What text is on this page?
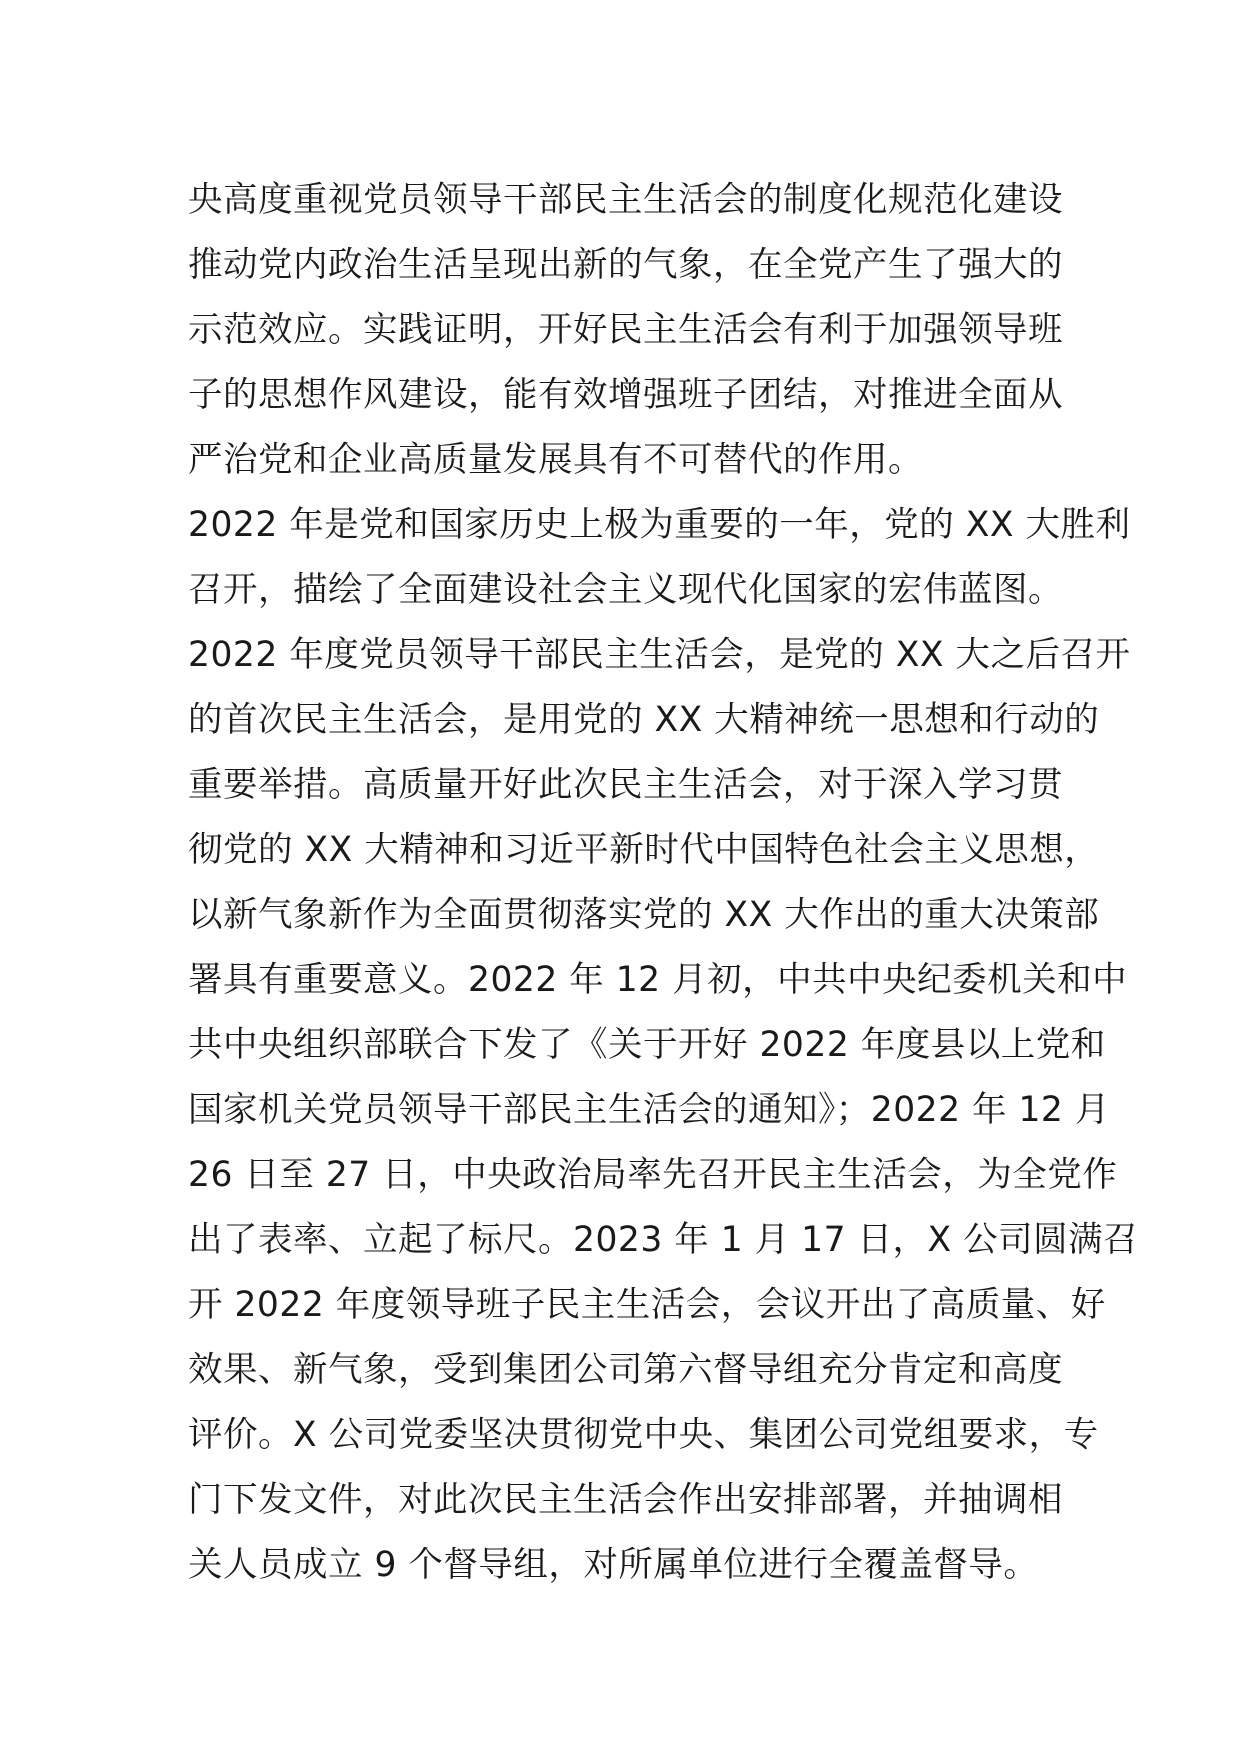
央高度重视党员领导干部民主生活会的制度化规范化建设
推动党内政治生活呈现出新的气象，在全党产生了强大的
示范效应。实践证明，开好民主生活会有利于加强领导班
子的思想作风建设，能有效增强班子团结，对推进全面从
严治党和企业高质量发展具有不可替代的作用。
2022 年是党和国家历史上极为重要的一年，党的 XX 大胜利
召开，描绘了全面建设社会主义现代化国家的宏伟蓝图。
2022 年度党员领导干部民主生活会，是党的 XX 大之后召开
的首次民主生活会，是用党的 XX 大精神统一思想和行动的
重要举措。高质量开好此次民主生活会，对于深入学习贯
彻党的 XX 大精神和习近平新时代中国特色社会主义思想，
以新气象新作为全面贯彻落实党的 XX 大作出的重大决策部
署具有重要意义。2022 年 12 月初，中共中央纪委机关和中
共中央组织部联合下发了《关于开好 2022 年度县以上党和
国家机关党员领导干部民主生活会的通知》；2022 年 12 月
26 日至 27 日，中央政治局率先召开民主生活会，为全党作
出了表率、立起了标尺。2023 年 1 月 17 日，X 公司圆满召
开 2022 年度领导班子民主生活会，会议开出了高质量、好
效果、新气象，受到集团公司第六督导组充分肯定和高度
评价。X 公司党委坚决贯彻党中央、集团公司党组要求，专
门下发文件，对此次民主生活会作出安排部署，并抽调相
关人员成立 9 个督导组，对所属单位进行全覆盖督导。
